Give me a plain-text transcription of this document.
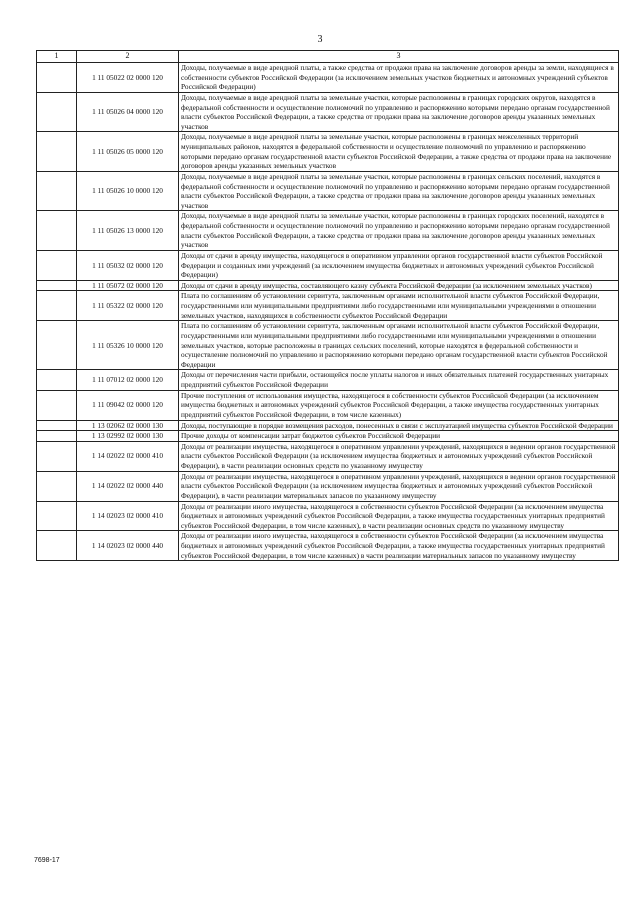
3
1	2	3
	1 11 05022 02 0000 120	Доходы, получаемые в виде арендной платы, а также средства от продажи права на заключение договоров аренды за земли, находящиеся в собственности субъектов Российской Федерации (за исключением земельных участков бюджетных и автономных учреждений субъектов Российской Федерации)
	1 11 05026 04 0000 120	Доходы, получаемые в виде арендной платы за земельные участки, которые расположены в границах городских округов, находятся в федеральной собственности и осуществление полномочий по управлению и распоряжению которыми передано органам государственной власти субъектов Российской Федерации, а также средства от продажи права на заключение договоров аренды указанных земельных участков
	1 11 05026 05 0000 120	Доходы, получаемые в виде арендной платы за земельные участки, которые расположены в границах межселенных территорий муниципальных районов, находятся в федеральной собственности и осуществление полномочий по управлению и распоряжению которыми передано органам государственной власти субъектов Российской Федерации, а также средства от продажи права на заключение договоров аренды указанных земельных участков
	1 11 05026 10 0000 120	Доходы, получаемые в виде арендной платы за земельные участки, которые расположены в границах сельских поселений, находятся в федеральной собственности и осуществление полномочий по управлению и распоряжению которыми передано органам государственной власти субъектов Российской Федерации, а также средства от продажи права на заключение договоров аренды указанных земельных участков
	1 11 05026 13 0000 120	Доходы, получаемые в виде арендной платы за земельные участки, которые расположены в границах городских поселений, находятся в федеральной собственности и осуществление полномочий по управлению и распоряжению которыми передано органам государственной власти субъектов Российской Федерации, а также средства от продажи права на заключение договоров аренды указанных земельных участков
	1 11 05032 02 0000 120	Доходы от сдачи в аренду имущества, находящегося в оперативном управлении органов государственной власти субъектов Российской Федерации и созданных ими учреждений (за исключением имущества бюджетных и автономных учреждений субъектов Российской Федерации)
	1 11 05072 02 0000 120	Доходы от сдачи в аренду имущества, составляющего казну субъекта Российской Федерации (за исключением земельных участков)
	1 11 05322 02 0000 120	Плата по соглашениям об установлении сервитута, заключенным органами исполнительной власти субъектов Российской Федерации, государственными или муниципальными предприятиями либо государственными или муниципальными учреждениями в отношении земельных участков, находящихся в собственности субъектов Российской Федерации
	1 11 05326 10 0000 120	Плата по соглашениям об установлении сервитута, заключенным органами исполнительной власти субъектов Российской Федерации, государственными или муниципальными предприятиями либо государственными или муниципальными учреждениями в отношении земельных участков, которые расположены в границах сельских поселений, которые находятся в федеральной собственности и осуществление полномочий по управлению и распоряжению которыми передано органам государственной власти субъектов Российской Федерации
	1 11 07012 02 0000 120	Доходы от перечисления части прибыли, остающейся после уплаты налогов и иных обязательных платежей государственных унитарных предприятий субъектов Российской Федерации
	1 11 09042 02 0000 120	Прочие поступления от использования имущества, находящегося в собственности субъектов Российской Федерации (за исключением имущества бюджетных и автономных учреждений субъектов Российской Федерации, а также имущества государственных унитарных предприятий субъектов Российской Федерации, в том числе казенных)
	1 13 02062 02 0000 130	Доходы, поступающие в порядке возмещения расходов, понесенных в связи с эксплуатацией имущества субъектов Российской Федерации
	1 13 02992 02 0000 130	Прочие доходы от компенсации затрат бюджетов субъектов Российской Федерации
	1 14 02022 02 0000 410	Доходы от реализации имущества, находящегося в оперативном управлении учреждений, находящихся в ведении органов государственной власти субъектов Российской Федерации (за исключением имущества бюджетных и автономных учреждений субъектов Российской Федерации), в части реализации основных средств по указанному имуществу
	1 14 02022 02 0000 440	Доходы от реализации имущества, находящегося в оперативном управлении учреждений, находящихся в ведении органов государственной власти субъектов Российской Федерации (за исключением имущества бюджетных и автономных учреждений субъектов Российской Федерации), в части реализации материальных запасов по указанному имуществу
	1 14 02023 02 0000 410	Доходы от реализации иного имущества, находящегося в собственности субъектов Российской Федерации (за исключением имущества бюджетных и автономных учреждений субъектов Российской Федерации, а также имущества государственных унитарных предприятий субъектов Российской Федерации, в том числе казенных), в части реализации основных средств по указанному имуществу
	1 14 02023 02 0000 440	Доходы от реализации иного имущества, находящегося в собственности субъектов Российской Федерации (за исключением имущества бюджетных и автономных учреждений субъектов Российской Федерации, а также имущества государственных унитарных предприятий субъектов Российской Федерации, в том числе казенных) в части реализации материальных запасов по указанному имуществу
7698-17
